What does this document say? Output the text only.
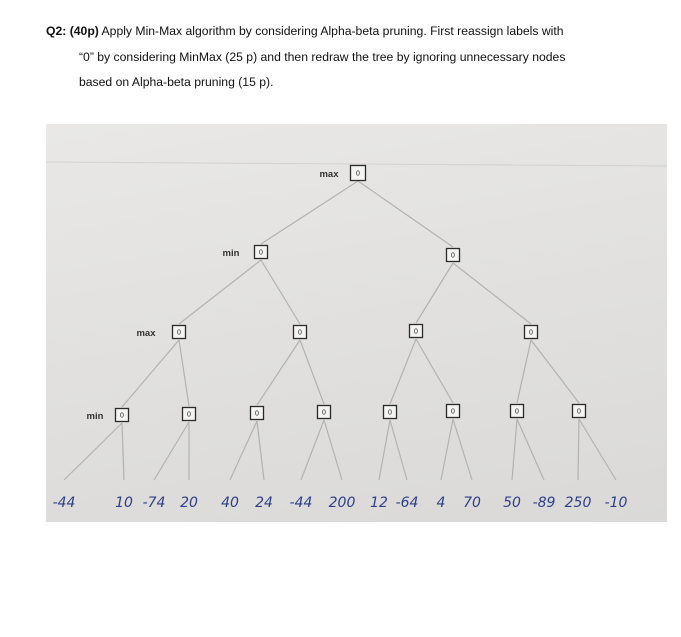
Q2: (40p) Apply Min-Max algorithm by considering Alpha-beta pruning. First reassign labels with
“0” by considering MinMax (25 p) and then redraw the tree by ignoring unnecessary nodes
based on Alpha-beta pruning (15 p).
0
0	0
0	0	0	0
0	0	0	0	0	0	0	0
max
min
max
min
-44	10 -74 20 40 24 -44 200 12 -64 4 70 50 -89 250 -10
